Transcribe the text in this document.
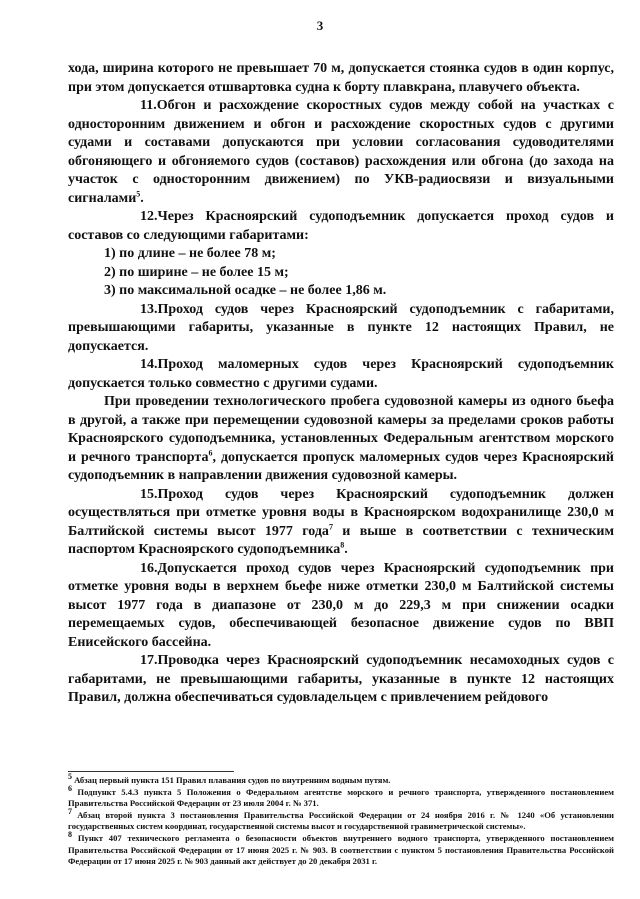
3

хода, ширина которого не превышает 70 м, допускается стоянка судов в один корпус, при этом допускается отшвартовка судна к борту плавкрана, плавучего объекта.

11.Обгон и расхождение скоростных судов между собой на участках с односторонним движением и обгон и расхождение скоростных судов с другими судами и составами допускаются при условии согласования судоводителями обгоняющего и обгоняемого судов (составов) расхождения или обгона (до захода на участок с односторонним движением) по УКВ-радиосвязи и визуальными сигналами$^5$.

12.Через Красноярский судоподъемник допускается проход судов и составов со следующими габаритами:

1) по длине – не более 78 м;

2) по ширине – не более 15 м;

3) по максимальной осадке – не более 1,86 м.

13.Проход судов через Красноярский судоподъемник с габаритами, превышающими габариты, указанные в пункте 12 настоящих Правил, не допускается.

14.Проход маломерных судов через Красноярский судоподъемник допускается только совместно с другими судами.

При проведении технологического пробега судовозной камеры из одного бьефа в другой, а также при перемещении судовозной камеры за пределами сроков работы Красноярского судоподъемника, установленных Федеральным агентством морского и речного транспорта$^6$, допускается пропуск маломерных судов через Красноярский судоподъемник в направлении движения судовозной камеры.

15.Проход судов через Красноярский судоподъемник должен осуществляться при отметке уровня воды в Красноярском водохранилище 230,0 м Балтийской системы высот 1977 года$^7$ и выше в соответствии с техническим паспортом Красноярского судоподъемника$^8$.

16.Допускается проход судов через Красноярский судоподъемник при отметке уровня воды в верхнем бьефе ниже отметки 230,0 м Балтийской системы высот 1977 года в диапазоне от 230,0 м до 229,3 м при снижении осадки перемещаемых судов, обеспечивающей безопасное движение судов по ВВП Енисейского бассейна.

17.Проводка через Красноярский судоподъемник несамоходных судов с габаритами, не превышающими габариты, указанные в пункте 12 настоящих Правил, должна обеспечиваться судовладельцем с привлечением рейдового

$^5$ Абзац первый пункта 151 Правил плавания судов по внутренним водным путям.

$^6$ Подпункт 5.4.3 пункта 5 Положения о Федеральном агентстве морского и речного транспорта, утвержденного постановлением Правительства Российской Федерации от 23 июля 2004 г. № 371.

$^7$ Абзац второй пункта 3 постановления Правительства Российской Федерации от 24 ноября 2016 г. № 1240 «Об установлении государственных систем координат, государственной системы высот и государственной гравиметрической системы».

$^8$ Пункт 407 технического регламента о безопасности объектов внутреннего водного транспорта, утвержденного постановлением Правительства Российской Федерации от 17 июня 2025 г. № 903. В соответствии с пунктом 5 постановления Правительства Российской Федерации от 17 июня 2025 г. № 903 данный акт действует до 20 декабря 2031 г.
